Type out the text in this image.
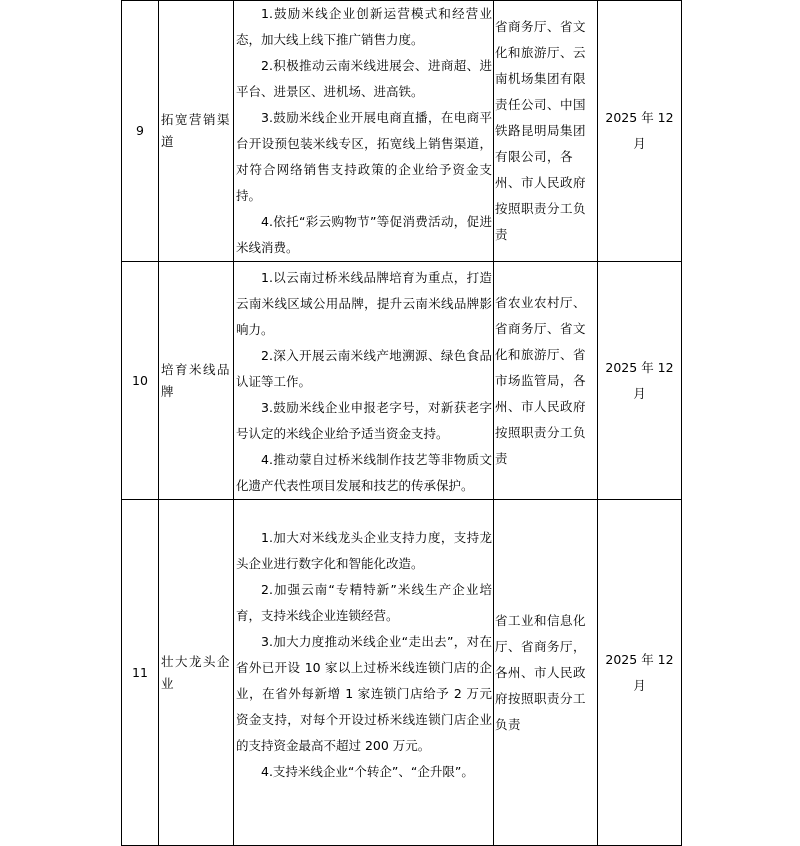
9	拓宽营销渠道	1.鼓励米线企业创新运营模式和经营业态，加大线上线下推广销售力度。

2.积极推动云南米线进展会、进商超、进平台、进景区、进机场、进高铁。

3.鼓励米线企业开展电商直播，在电商平台开设预包装米线专区，拓宽线上销售渠道，对符合网络销售支持政策的企业给予资金支持。

4.依托“彩云购物节”等促消费活动，促进米线消费。	省商务厅、省文化和旅游厅、云南机场集团有限责任公司、中国铁路昆明局集团有限公司，各州、市人民政府按照职责分工负责	2025 年 12 月
10	培育米线品牌	1.以云南过桥米线品牌培育为重点，打造云南米线区域公用品牌，提升云南米线品牌影响力。

2.深入开展云南米线产地溯源、绿色食品认证等工作。

3.鼓励米线企业申报老字号，对新获老字号认定的米线企业给予适当资金支持。

4.推动蒙自过桥米线制作技艺等非物质文化遗产代表性项目发展和技艺的传承保护。	省农业农村厅、省商务厅、省文化和旅游厅、省市场监管局，各州、市人民政府按照职责分工负责	2025 年 12 月
11	壮大龙头企业	1.加大对米线龙头企业支持力度，支持龙头企业进行数字化和智能化改造。

2.加强云南“专精特新”米线生产企业培育，支持米线企业连锁经营。

3.加大力度推动米线企业“走出去”，对在省外已开设 10 家以上过桥米线连锁门店的企业，在省外每新增 1 家连锁门店给予 2 万元资金支持，对每个开设过桥米线连锁门店企业的支持资金最高不超过 200 万元。

4.支持米线企业“个转企”、“企升限”。	省工业和信息化厅、省商务厅，各州、市人民政府按照职责分工负责	2025 年 12 月
